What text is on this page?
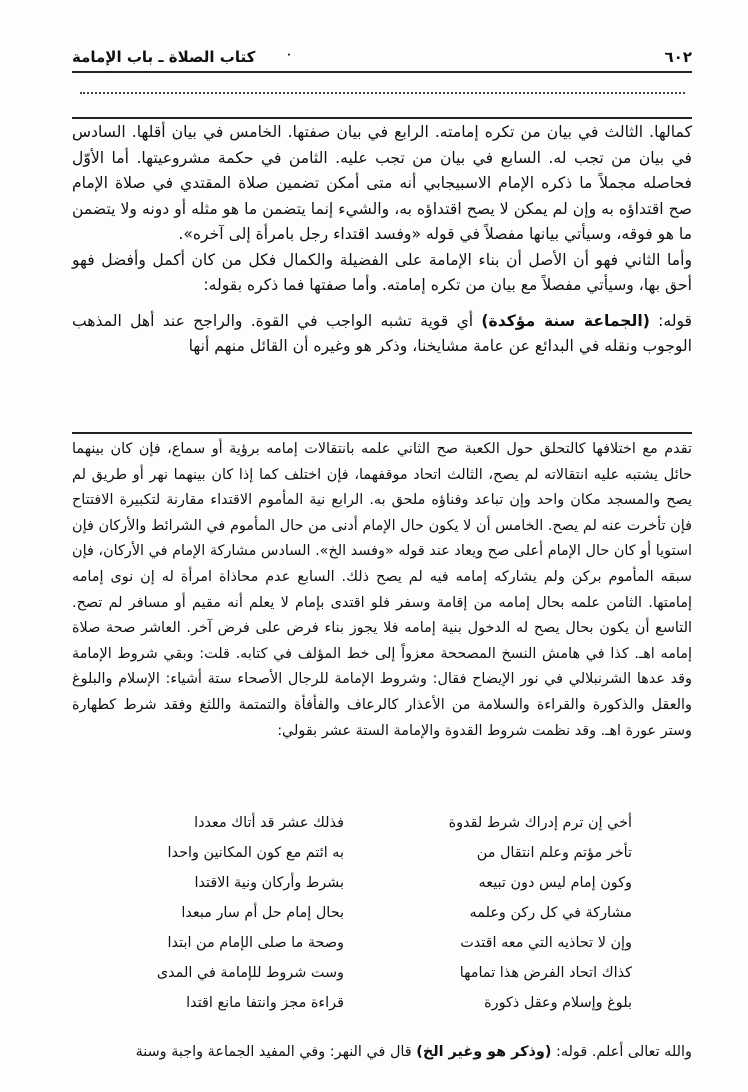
٦٠٢
·
كتاب الصلاة ـ باب الإمامة

كمالها. الثالث في بيان من تكره إمامته. الرابع في بيان صفتها. الخامس في بيان أقلها. السادس في بيان من تجب له. السابع في بيان من تجب عليه. الثامن في حكمة مشروعيتها. أما الأوّل فحاصله مجملاً ما ذكره الإمام الاسبيجابي أنه متى أمكن تضمين صلاة المقتدي في صلاة الإمام صح اقتداؤه به وإن لم يمكن لا يصح اقتداؤه به، والشيء إنما يتضمن ما هو مثله أو دونه ولا يتضمن ما هو فوقه، وسيأتي بيانها مفصلاً في قوله «وفسد اقتداء رجل بامرأة إلى آخره».

وأما الثاني فهو أن الأصل أن بناء الإمامة على الفضيلة والكمال فكل من كان أكمل وأفضل فهو أحق بها، وسيأتي مفصلاً مع بيان من تكره إمامته. وأما صفتها فما ذكره بقوله:

قوله: (الجماعة سنة مؤكدة) أي قوية تشبه الواجب في القوة. والراجح عند أهل المذهب الوجوب ونقله في البدائع عن عامة مشايخنا، وذكر هو وغيره أن القائل منهم أنها

تقدم مع اختلافها كالتحلق حول الكعبة صح الثاني علمه بانتقالات إمامه برؤية أو سماع، فإن كان بينهما حائل يشتبه عليه انتقالاته لم يصح، الثالث اتحاد موقفهما، فإن اختلف كما إذا كان بينهما نهر أو طريق لم يصح والمسجد مكان واحد وإن تباعد وفناؤه ملحق به. الرابع نية المأموم الاقتداء مقارنة لتكبيرة الافتتاح فإن تأخرت عنه لم يصح. الخامس أن لا يكون حال الإمام أدنى من حال المأموم في الشرائط والأركان فإن استويا أو كان حال الإمام أعلى صح ويعاد عند قوله «وفسد الخ». السادس مشاركة الإمام في الأركان، فإن سبقه المأموم بركن ولم يشاركه إمامه فيه لم يصح ذلك. السابع عدم محاذاة امرأة له إن نوى إمامه إمامتها. الثامن علمه بحال إمامه من إقامة وسفر فلو اقتدى بإمام لا يعلم أنه مقيم أو مسافر لم تصح. التاسع أن يكون بحال يصح له الدخول بنية إمامه فلا يجوز بناء فرض على فرض آخر. العاشر صحة صلاة إمامه اهـ. كذا في هامش النسخ المصححة معزواً إلى خط المؤلف في كتابه. قلت: وبقي شروط الإمامة وقد عدها الشرنبلالي في نور الإيضاح فقال: وشروط الإمامة للرجال الأصحاء ستة أشياء: الإسلام والبلوغ والعقل والذكورة والقراءة والسلامة من الأعذار كالرعاف والفأفأة والتمتمة واللثغ وفقد شرط كطهارة وستر عورة اهـ. وقد نظمت شروط القدوة والإمامة الستة عشر بقولي:

أخي إن ترم إدراك شرط لقدوة
فذلك عشر قد أتاك معددا
تأخر مؤتم وعلم انتقال من
به ائتم مع كون المكانين واحدا
وكون إمام ليس دون تبيعه
بشرط وأركان ونية الاقتدا
مشاركة في كل ركن وعلمه
بحال إمام حل أم سار مبعدا
وإن لا تحاذيه التي معه اقتدت
وصحة ما صلى الإمام من ابتدا
كذاك اتحاد الفرض هذا تمامها
وست شروط للإمامة في المدى
بلوغ وإسلام وعقل ذكورة
قراءة مجز وانتفا مانع اقتدا
والله تعالى أعلم. قوله: (وذكر هو وغير الخ) قال في النهر: وفي المفيد الجماعة واجبة وسنة
